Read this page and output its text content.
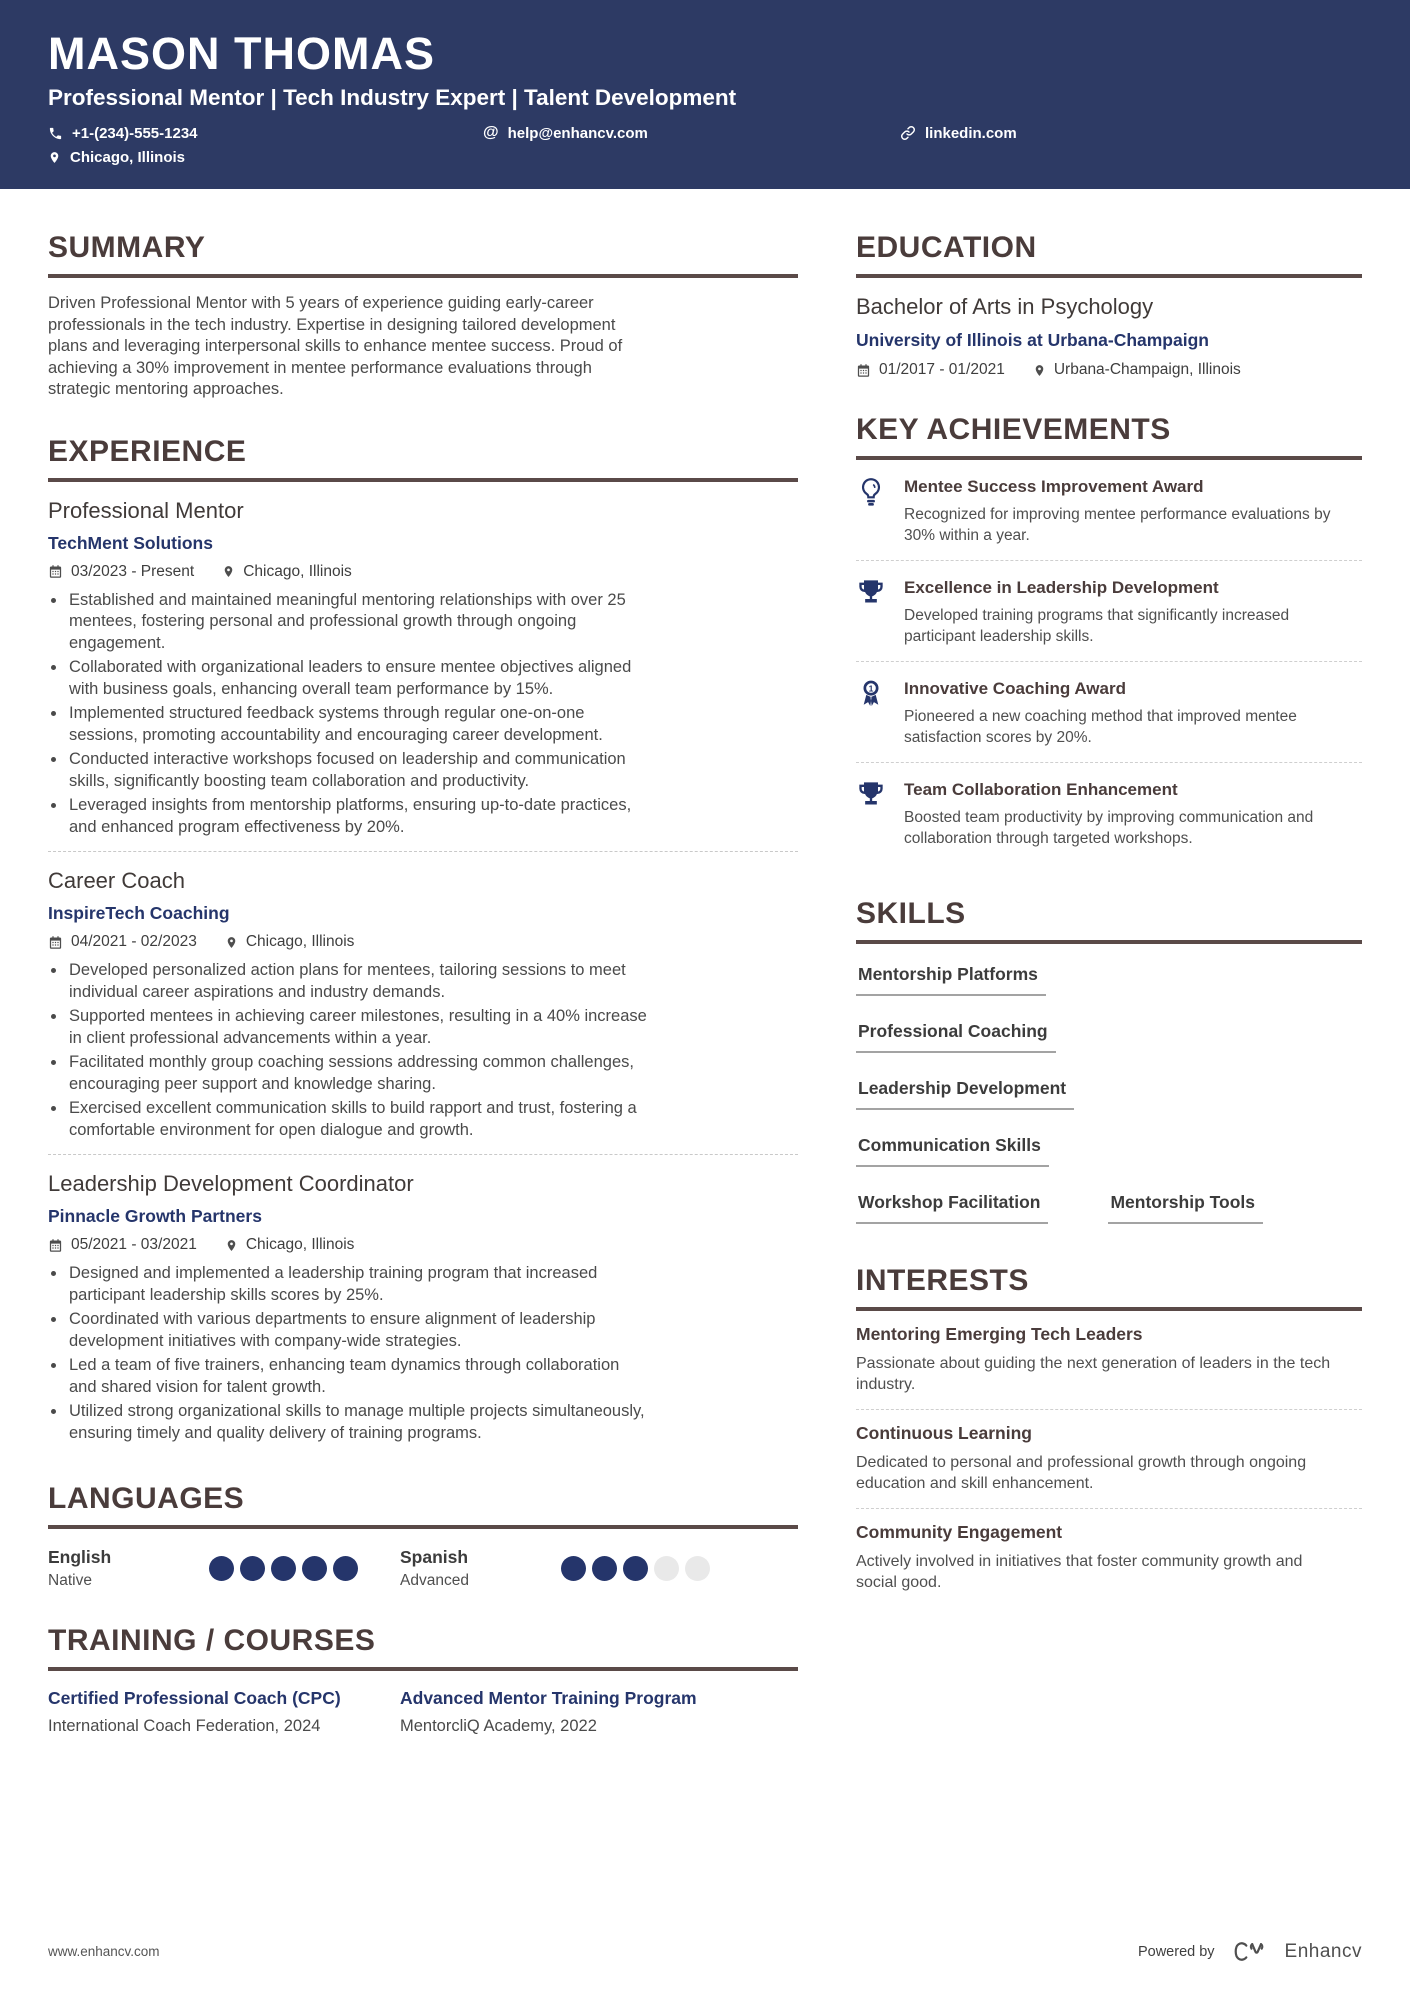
MASON THOMAS
Professional Mentor | Tech Industry Expert | Talent Development
+1-(234)-555-1234	@ help@enhancv.com	linkedin.com
Chicago, Illinois
SUMMARY

Driven Professional Mentor with 5 years of experience guiding early-career professionals in the tech industry. Expertise in designing tailored development plans and leveraging interpersonal skills to enhance mentee success. Proud of achieving a 30% improvement in mentee performance evaluations through strategic mentoring approaches.

EXPERIENCE
Professional Mentor
TechMent Solutions
03/2023 - Present	Chicago, Illinois
• Established and maintained meaningful mentoring relationships with over 25 mentees, fostering personal and professional growth through ongoing engagement.
• Collaborated with organizational leaders to ensure mentee objectives aligned with business goals, enhancing overall team performance by 15%.
• Implemented structured feedback systems through regular one-on-one sessions, promoting accountability and encouraging career development.
• Conducted interactive workshops focused on leadership and communication skills, significantly boosting team collaboration and productivity.
• Leveraged insights from mentorship platforms, ensuring up-to-date practices, and enhanced program effectiveness by 20%.
Career Coach
InspireTech Coaching
04/2021 - 02/2023	Chicago, Illinois
• Developed personalized action plans for mentees, tailoring sessions to meet individual career aspirations and industry demands.
• Supported mentees in achieving career milestones, resulting in a 40% increase in client professional advancements within a year.
• Facilitated monthly group coaching sessions addressing common challenges, encouraging peer support and knowledge sharing.
• Exercised excellent communication skills to build rapport and trust, fostering a comfortable environment for open dialogue and growth.
Leadership Development Coordinator
Pinnacle Growth Partners
05/2021 - 03/2021	Chicago, Illinois
• Designed and implemented a leadership training program that increased participant leadership skills scores by 25%.
• Coordinated with various departments to ensure alignment of leadership development initiatives with company-wide strategies.
• Led a team of five trainers, enhancing team dynamics through collaboration and shared vision for talent growth.
• Utilized strong organizational skills to manage multiple projects simultaneously, ensuring timely and quality delivery of training programs.
LANGUAGES
English
Native
Spanish
Advanced
TRAINING / COURSES
Certified Professional Coach (CPC)

International Coach Federation, 2024

Advanced Mentor Training Program

MentorcliQ Academy, 2022

EDUCATION
Bachelor of Arts in Psychology
University of Illinois at Urbana-Champaign
01/2017 - 01/2021	Urbana-Champaign, Illinois
KEY ACHIEVEMENTS
Mentee Success Improvement Award

Recognized for improving mentee performance evaluations by 30% within a year.

Excellence in Leadership Development

Developed training programs that significantly increased participant leadership skills.

1 Innovative Coaching Award

Pioneered a new coaching method that improved mentee satisfaction scores by 20%.

Team Collaboration Enhancement

Boosted team productivity by improving communication and collaboration through targeted workshops.

SKILLS
Mentorship Platforms
Professional Coaching
Leadership Development
Communication Skills
Workshop Facilitation	Mentorship Tools
INTERESTS
Mentoring Emerging Tech Leaders

Passionate about guiding the next generation of leaders in the tech industry.

Continuous Learning

Dedicated to personal and professional growth through ongoing education and skill enhancement.

Community Engagement

Actively involved in initiatives that foster community growth and social good.

www.enhancv.com	Powered by	Enhancv
